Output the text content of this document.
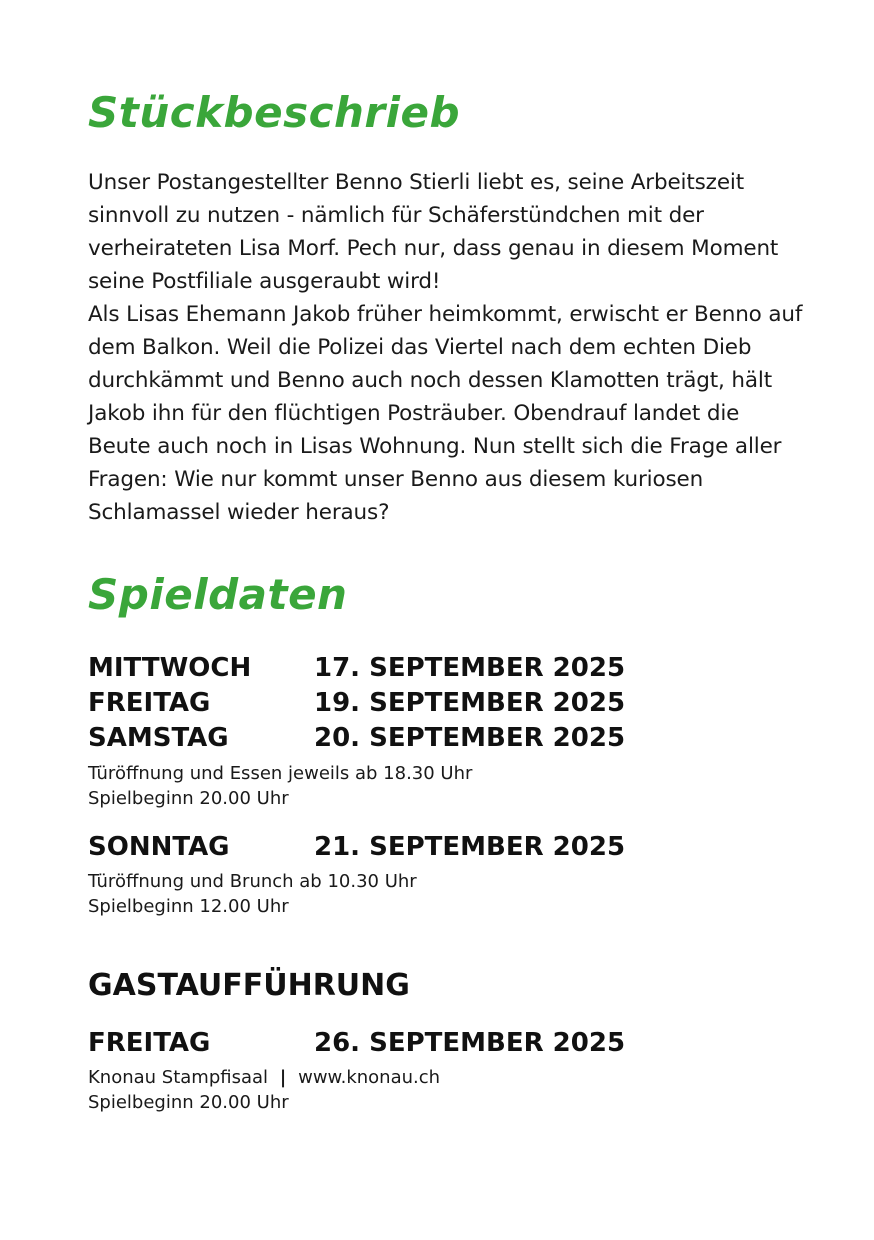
Stückbeschrieb

Unser Postangestellter Benno Stierli liebt es, seine Arbeitszeit sinnvoll zu nutzen - nämlich für Schäferstündchen mit der verheirateten Lisa Morf. Pech nur, dass genau in diesem Moment seine Postfiliale ausgeraubt wird!

Als Lisas Ehemann Jakob früher heimkommt, erwischt er Benno auf dem Balkon. Weil die Polizei das Viertel nach dem echten Dieb durchkämmt und Benno auch noch dessen Klamotten trägt, hält Jakob ihn für den flüchtigen Posträuber. Obendrauf landet die Beute auch noch in Lisas Wohnung. Nun stellt sich die Frage aller Fragen: Wie nur kommt unser Benno aus diesem kuriosen Schlamassel wieder heraus?

Spieldaten
MITTWOCH 17. SEPTEMBER 2025
FREITAG	19. SEPTEMBER 2025
SAMSTAG	20. SEPTEMBER 2025
Türöffnung und Essen jeweils ab 18.30 Uhr
Spielbeginn 20.00 Uhr
SONNTAG	21. SEPTEMBER 2025
Türöffnung und Brunch ab 10.30 Uhr
Spielbeginn 12.00 Uhr
GASTAUFFÜHRUNG
FREITAG	26. SEPTEMBER 2025
Knonau Stampfisaal | www.knonau.ch
Spielbeginn 20.00 Uhr
